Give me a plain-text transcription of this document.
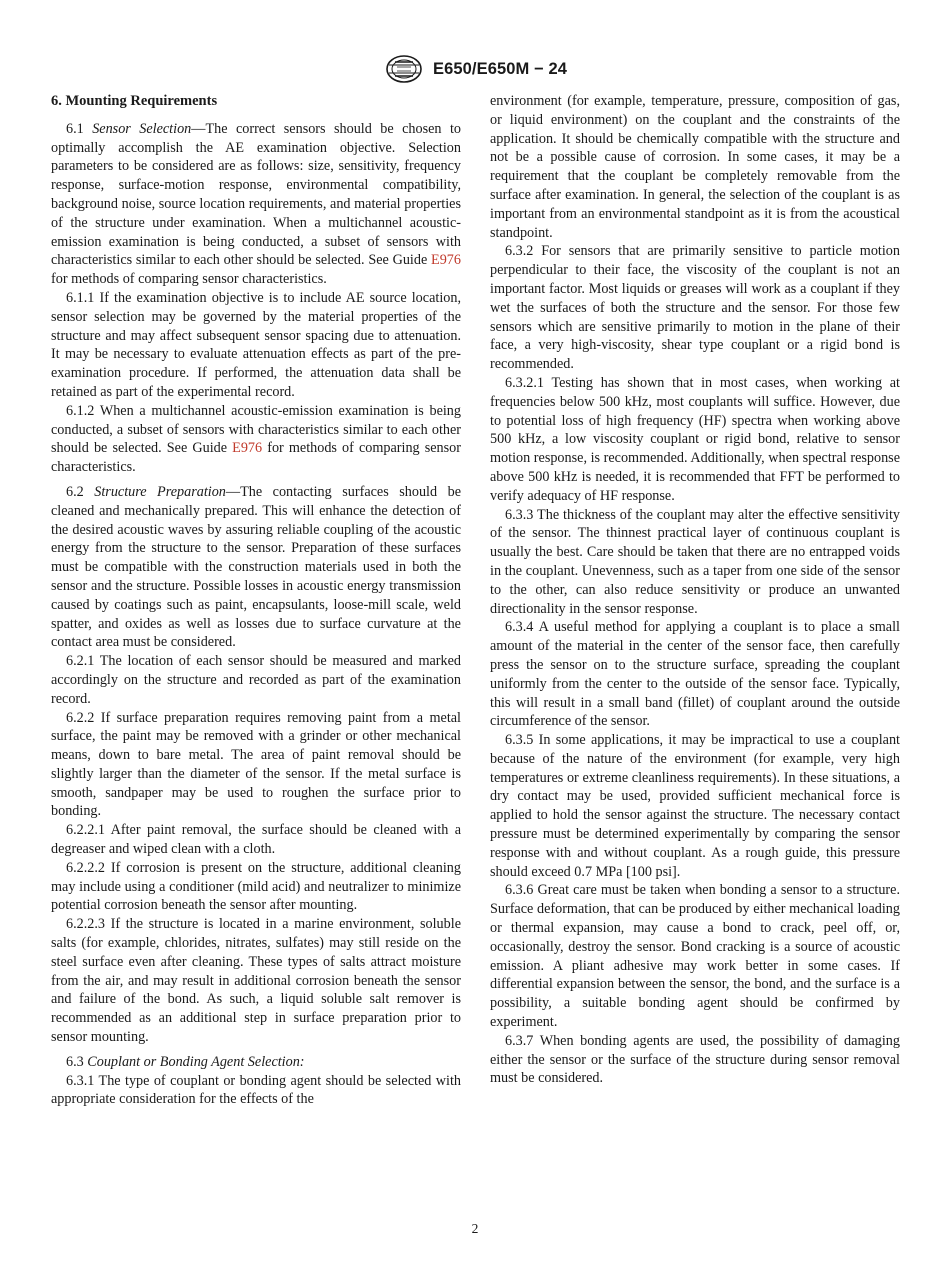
E650/E650M − 24
6. Mounting Requirements

6.1 Sensor Selection—The correct sensors should be chosen to optimally accomplish the AE examination objective. Selection parameters to be considered are as follows: size, sensitivity, frequency response, surface-motion response, environmental compatibility, background noise, source location requirements, and material properties of the structure under examination. When a multichannel acoustic-emission examination is being conducted, a subset of sensors with characteristics similar to each other should be selected. See Guide E976 for methods of comparing sensor characteristics.

6.1.1 If the examination objective is to include AE source location, sensor selection may be governed by the material properties of the structure and may affect subsequent sensor spacing due to attenuation. It may be necessary to evaluate attenuation effects as part of the pre-examination procedure. If performed, the attenuation data shall be retained as part of the experimental record.

6.1.2 When a multichannel acoustic-emission examination is being conducted, a subset of sensors with characteristics similar to each other should be selected. See Guide E976 for methods of comparing sensor characteristics.

6.2 Structure Preparation—The contacting surfaces should be cleaned and mechanically prepared. This will enhance the detection of the desired acoustic waves by assuring reliable coupling of the acoustic energy from the structure to the sensor. Preparation of these surfaces must be compatible with the construction materials used in both the sensor and the structure. Possible losses in acoustic energy transmission caused by coatings such as paint, encapsulants, loose-mill scale, weld spatter, and oxides as well as losses due to surface curvature at the contact area must be considered.

6.2.1 The location of each sensor should be measured and marked accordingly on the structure and recorded as part of the examination record.

6.2.2 If surface preparation requires removing paint from a metal surface, the paint may be removed with a grinder or other mechanical means, down to bare metal. The area of paint removal should be slightly larger than the diameter of the sensor. If the metal surface is smooth, sandpaper may be used to roughen the surface prior to bonding.

6.2.2.1 After paint removal, the surface should be cleaned with a degreaser and wiped clean with a cloth.

6.2.2.2 If corrosion is present on the structure, additional cleaning may include using a conditioner (mild acid) and neutralizer to minimize potential corrosion beneath the sensor after mounting.

6.2.2.3 If the structure is located in a marine environment, soluble salts (for example, chlorides, nitrates, sulfates) may still reside on the steel surface even after cleaning. These types of salts attract moisture from the air, and may result in additional corrosion beneath the sensor and failure of the bond. As such, a liquid soluble salt remover is recommended as an additional step in surface preparation prior to sensor mounting.

6.3 Couplant or Bonding Agent Selection:

6.3.1 The type of couplant or bonding agent should be selected with appropriate consideration for the effects of the

environment (for example, temperature, pressure, composition of gas, or liquid environment) on the couplant and the constraints of the application. It should be chemically compatible with the structure and not be a possible cause of corrosion. In some cases, it may be a requirement that the couplant be completely removable from the surface after examination. In general, the selection of the couplant is as important from an environmental standpoint as it is from the acoustical standpoint.

6.3.2 For sensors that are primarily sensitive to particle motion perpendicular to their face, the viscosity of the couplant is not an important factor. Most liquids or greases will work as a couplant if they wet the surfaces of both the structure and the sensor. For those few sensors which are sensitive primarily to motion in the plane of their face, a very high-viscosity, shear type couplant or a rigid bond is recommended.

6.3.2.1 Testing has shown that in most cases, when working at frequencies below 500 kHz, most couplants will suffice. However, due to potential loss of high frequency (HF) spectra when working above 500 kHz, a low viscosity couplant or rigid bond, relative to sensor motion response, is recommended. Additionally, when spectral response above 500 kHz is needed, it is recommended that FFT be performed to verify adequacy of HF response.

6.3.3 The thickness of the couplant may alter the effective sensitivity of the sensor. The thinnest practical layer of continuous couplant is usually the best. Care should be taken that there are no entrapped voids in the couplant. Unevenness, such as a taper from one side of the sensor to the other, can also reduce sensitivity or produce an unwanted directionality in the sensor response.

6.3.4 A useful method for applying a couplant is to place a small amount of the material in the center of the sensor face, then carefully press the sensor on to the structure surface, spreading the couplant uniformly from the center to the outside of the sensor face. Typically, this will result in a small band (fillet) of couplant around the outside circumference of the sensor.

6.3.5 In some applications, it may be impractical to use a couplant because of the nature of the environment (for example, very high temperatures or extreme cleanliness requirements). In these situations, a dry contact may be used, provided sufficient mechanical force is applied to hold the sensor against the structure. The necessary contact pressure must be determined experimentally by comparing the sensor response with and without couplant. As a rough guide, this pressure should exceed 0.7 MPa [100 psi].

6.3.6 Great care must be taken when bonding a sensor to a structure. Surface deformation, that can be produced by either mechanical loading or thermal expansion, may cause a bond to crack, peel off, or, occasionally, destroy the sensor. Bond cracking is a source of acoustic emission. A pliant adhesive may work better in some cases. If differential expansion between the sensor, the bond, and the surface is a possibility, a suitable bonding agent should be confirmed by experiment.

6.3.7 When bonding agents are used, the possibility of damaging either the sensor or the surface of the structure during sensor removal must be considered.

2
